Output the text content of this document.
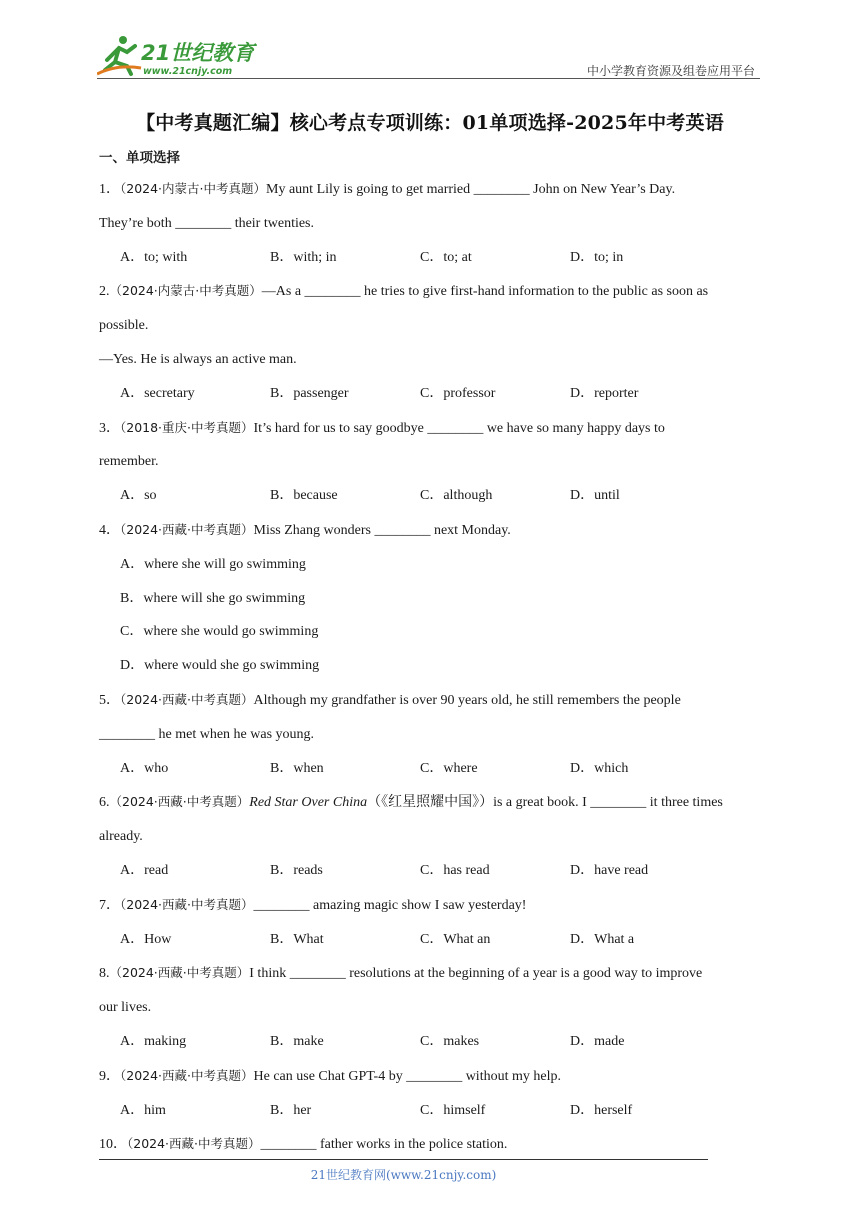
21世纪教育
www.21cnjy.com	中小学教育资源及组卷应用平台
【中考真题汇编】核心考点专项训练：01单项选择-2025年中考英语
一、单项选择

1．（2024·内蒙古·中考真题）My aunt Lily is going to get married ________ John on New Year’s Day.

They’re both ________ their twenties.

A．to; with	B．with; in	C．to; at	D．to; in

2.（2024·内蒙古·中考真题）—As a ________ he tries to give first-hand information to the public as soon as

possible.

—Yes. He is always an active man.

A．secretary	B．passenger	C．professor	D．reporter

3．（2018·重庆·中考真题）It’s hard for us to say goodbye ________ we have so many happy days to

remember.

A．so	B．because	C．although	D．until

4．（2024·西藏·中考真题）Miss Zhang wonders ________ next Monday.

A．where she will go swimming

B．where will she go swimming

C．where she would go swimming

D．where would she go swimming

5．（2024·西藏·中考真题）Although my grandfather is over 90 years old, he still remembers the people

________ he met when he was young.

A．who	B．when	C．where	D．which

6.（2024·西藏·中考真题）Red Star Over China（《红星照耀中国》）is a great book. I ________ it three times

already.

A．read	B．reads	C．has read	D．have read

7．（2024·西藏·中考真题）________ amazing magic show I saw yesterday!

A．How	B．What	C．What an	D．What a

8.（2024·西藏·中考真题）I think ________ resolutions at the beginning of a year is a good way to improve

our lives.

A．making	B．make	C．makes	D．made

9．（2024·西藏·中考真题）He can use Chat GPT-4 by ________ without my help.

A．him	B．her	C．himself	D．herself

10．（2024·西藏·中考真题）________ father works in the police station.

21世纪教育网(www.21cnjy.com)
